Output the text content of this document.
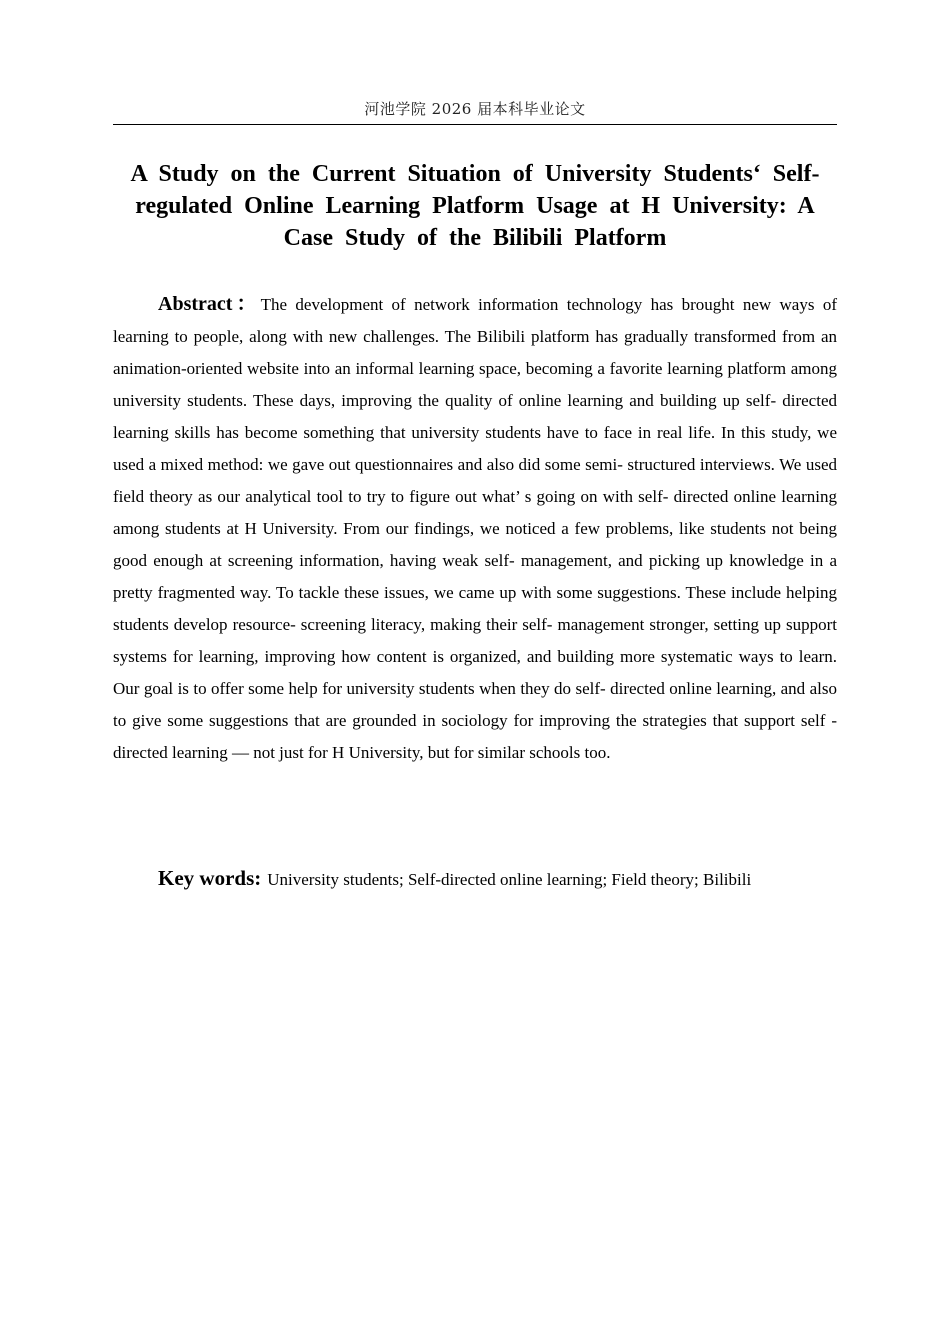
河池学院 2026 届本科毕业论文
A Study on the Current Situation of University Students‘ Self-regulated Online Learning Platform Usage at H University: A Case Study of the Bilibili Platform

Abstract：The development of network information technology has brought new ways of learning to people, along with new challenges. The Bilibili platform has gradually transformed from an animation-oriented website into an informal learning space, becoming a favorite learning platform among university students. These days, improving the quality of online learning and building up self- directed learning skills has become something that university students have to face in real life. In this study, we used a mixed method: we gave out questionnaires and also did some semi- structured interviews. We used field theory as our analytical tool to try to figure out what’ s going on with self- directed online learning among students at H University. From our findings, we noticed a few problems, like students not being good enough at screening information, having weak self- management, and picking up knowledge in a pretty fragmented way. To tackle these issues, we came up with some suggestions. These include helping students develop resource- screening literacy, making their self- management stronger, setting up support systems for learning, improving how content is organized, and building more systematic ways to learn. Our goal is to offer some help for university students when they do self- directed online learning, and also to give some suggestions that are grounded in sociology for improving the strategies that support self - directed learning — not just for H University, but for similar schools too.

Key words: University students; Self-directed online learning; Field theory; Bilibili
